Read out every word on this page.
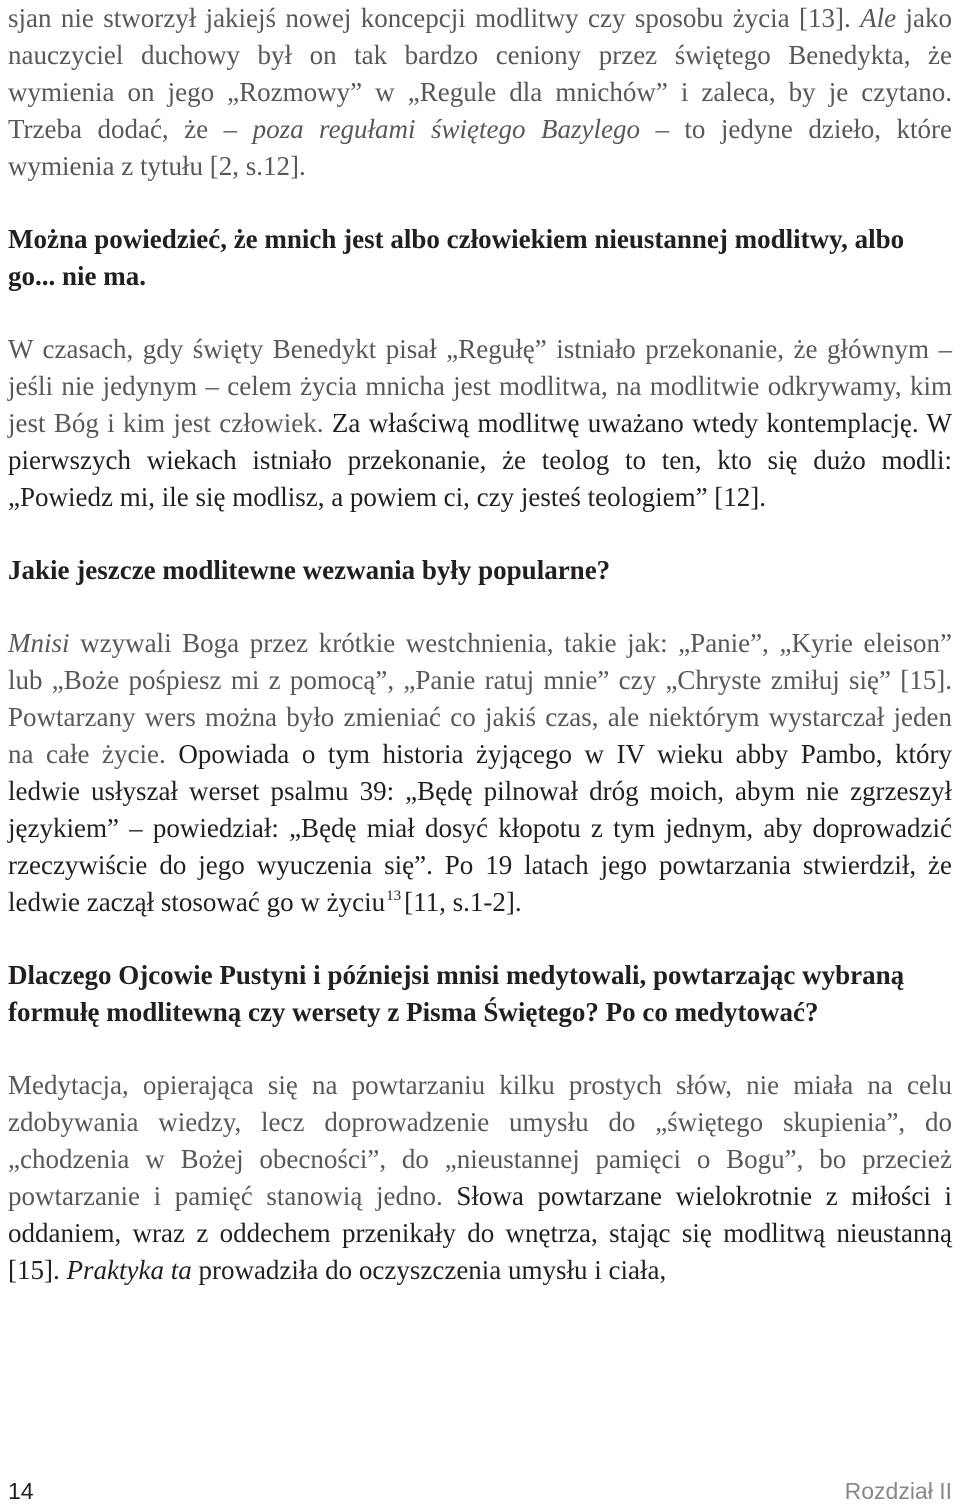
sjan nie stworzył jakiejś nowej koncepcji modlitwy czy sposobu życia [13]. Ale jako nauczyciel duchowy był on tak bardzo ceniony przez świętego Benedykta, że wymienia on jego „Rozmowy” w „Regule dla mnichów” i zaleca, by je czytano. Trzeba dodać, że – poza regułami świętego Bazylego – to jedyne dzieło, które wymienia z tytułu [2, s.12].

Można powiedzieć, że mnich jest albo człowiekiem nieustannej modlitwy, albo go... nie ma.

W czasach, gdy święty Benedykt pisał „Regułę” istniało przekonanie, że głównym – jeśli nie jedynym – celem życia mnicha jest modlitwa, na modlitwie odkrywamy, kim jest Bóg i kim jest człowiek. Za właściwą modlitwę uważano wtedy kontemplację. W pierwszych wiekach istniało przekonanie, że teolog to ten, kto się dużo modli: „Powiedz mi, ile się modlisz, a powiem ci, czy jesteś teologiem” [12].

Jakie jeszcze modlitewne wezwania były popularne?

Mnisi wzywali Boga przez krótkie westchnienia, takie jak: „Panie”, „Kyrie eleison” lub „Boże pośpiesz mi z pomocą”, „Panie ratuj mnie” czy „Chryste zmiłuj się” [15]. Powtarzany wers można było zmieniać co jakiś czas, ale niektórym wystarczał jeden na całe życie. Opowiada o tym historia żyjącego w IV wieku abby Pambo, który ledwie usłyszał werset psalmu 39: „Będę pilnował dróg moich, abym nie zgrzeszył językiem” – powiedział: „Będę miał dosyć kłopotu z tym jednym, aby doprowadzić rzeczywiście do jego wyuczenia się”. Po 19 latach jego powtarzania stwierdził, że ledwie zaczął stosować go w życiu$^{13}$ [11, s.1-2].

Dlaczego Ojcowie Pustyni i późniejsi mnisi medytowali, powtarzając wybraną formułę modlitewną czy wersety z Pisma Świętego? Po co medytować?

Medytacja, opierająca się na powtarzaniu kilku prostych słów, nie miała na celu zdobywania wiedzy, lecz doprowadzenie umysłu do „świętego skupienia”, do „chodzenia w Bożej obecności”, do „nieustannej pamięci o Bogu”, bo przecież powtarzanie i pamięć stanowią jedno. Słowa powtarzane wielokrotnie z miłości i oddaniem, wraz z oddechem przenikały do wnętrza, stając się modlitwą nieustanną [15]. Praktyka ta prowadziła do oczyszczenia umysłu i ciała,

14	Rozdział II
